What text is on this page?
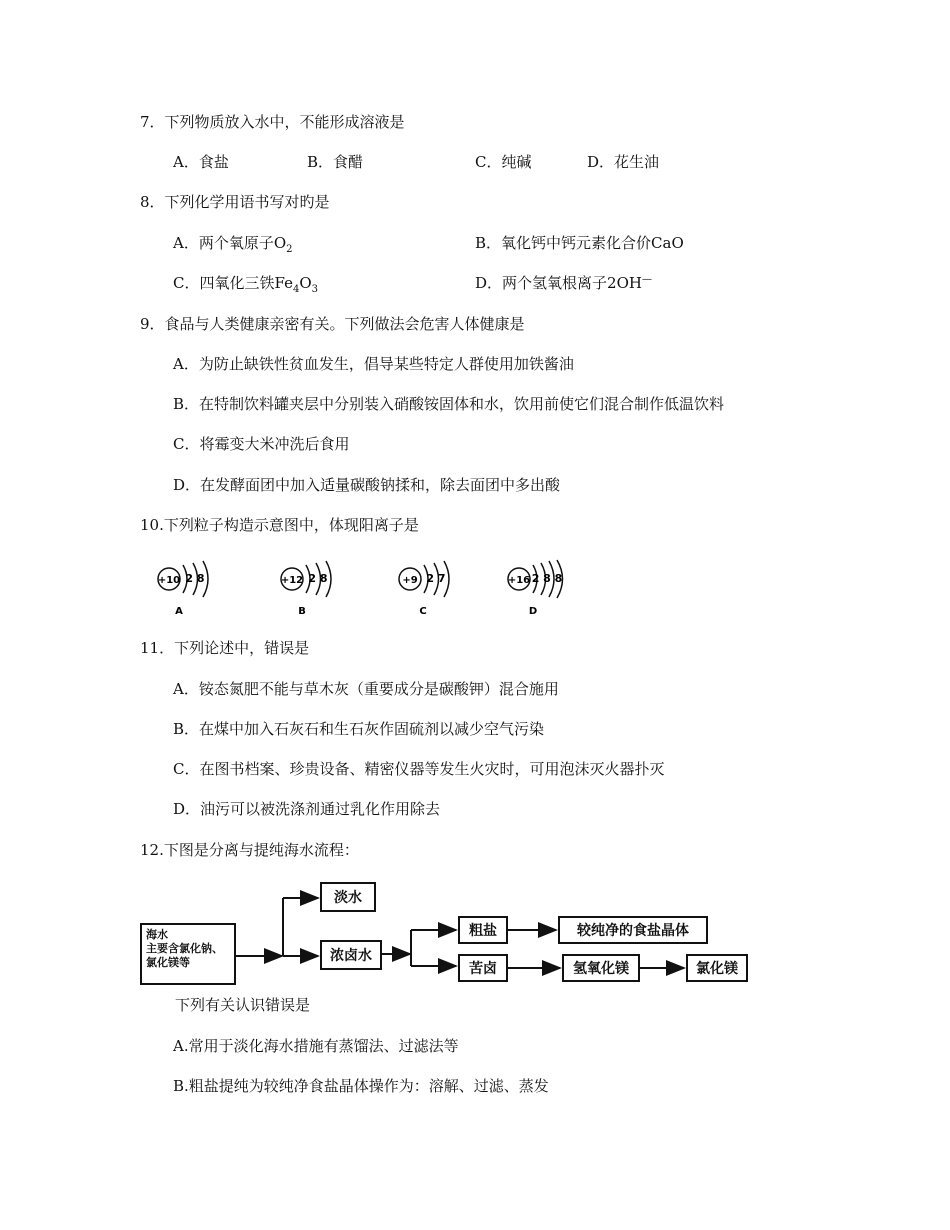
7．下列物质放入水中，不能形成溶液是
A．食盐	B．食醋	C．纯碱	D．花生油
8．下列化学用语书写对旳是
A．两个氧原子$O_2$	B．氧化钙中钙元素化合价CaO
C．四氧化三铁$Fe_4O_3$	D．两个氢氧根离子2OH—
9．食品与人类健康亲密有关。下列做法会危害人体健康是
A．为防止缺铁性贫血发生，倡导某些特定人群使用加铁酱油
B．在特制饮料罐夹层中分别装入硝酸铵固体和水，饮用前使它们混合制作低温饮料
C．将霉变大米冲洗后食用
D．在发酵面团中加入适量碳酸钠揉和，除去面团中多出酸
10.下列粒子构造示意图中，体现阳离子是
+10 2 8
A
+12 2 8
B
+9 2 7
C
+16 2 8 8
D
11．下列论述中，错误是
A．铵态氮肥不能与草木灰（重要成分是碳酸钾）混合施用
B．在煤中加入石灰石和生石灰作固硫剂以减少空气污染
C．在图书档案、珍贵设备、精密仪器等发生火灾时，可用泡沫灭火器扑灭
D．油污可以被洗涤剂通过乳化作用除去
12.下图是分离与提纯海水流程：
海水
主要含氯化钠、
氯化镁等
淡水
浓卤水
粗盐
苦卤
较纯净的食盐晶体
氢氧化镁	氯化镁
下列有关认识错误是
A.常用于淡化海水措施有蒸馏法、过滤法等
B.粗盐提纯为较纯净食盐晶体操作为：溶解、过滤、蒸发
